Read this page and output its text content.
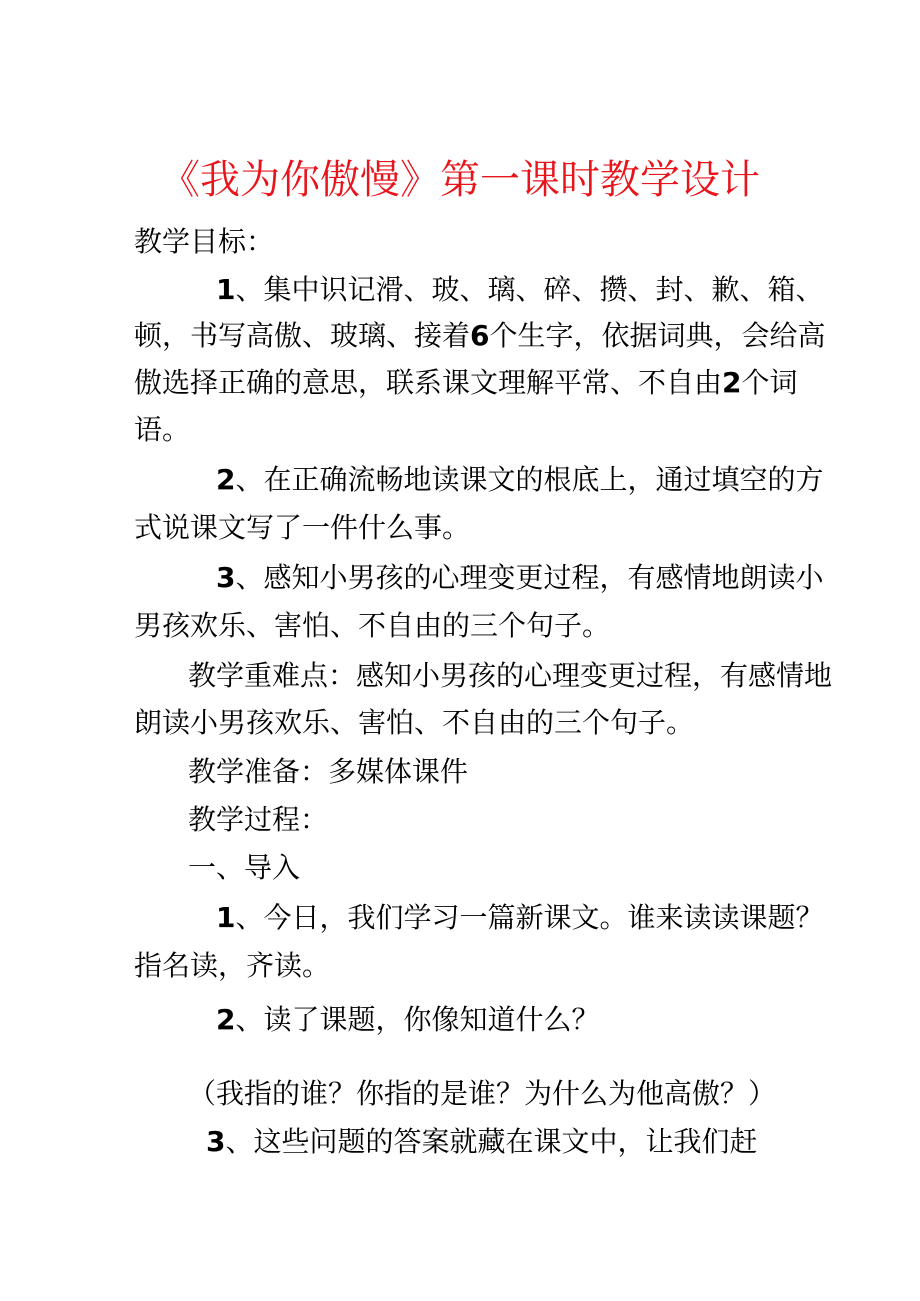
《我为你傲慢》第一课时教学设计
教学目标：
1、集中识记滑、玻、璃、碎、攒、封、歉、箱、
顿，书写高傲、玻璃、接着6个生字，依据词典，会给高
傲选择正确的意思，联系课文理解平常、不自由2个词
语。
2、在正确流畅地读课文的根底上，通过填空的方
式说课文写了一件什么事。
3、感知小男孩的心理变更过程，有感情地朗读小
男孩欢乐、害怕、不自由的三个句子。
教学重难点：感知小男孩的心理变更过程，有感情地
朗读小男孩欢乐、害怕、不自由的三个句子。
教学准备：多媒体课件
教学过程：
一、导入
1、今日，我们学习一篇新课文。谁来读读课题？
指名读，齐读。
2、读了课题，你像知道什么？
（我指的谁？你指的是谁？为什么为他高傲？）
3、这些问题的答案就藏在课文中，让我们赶
